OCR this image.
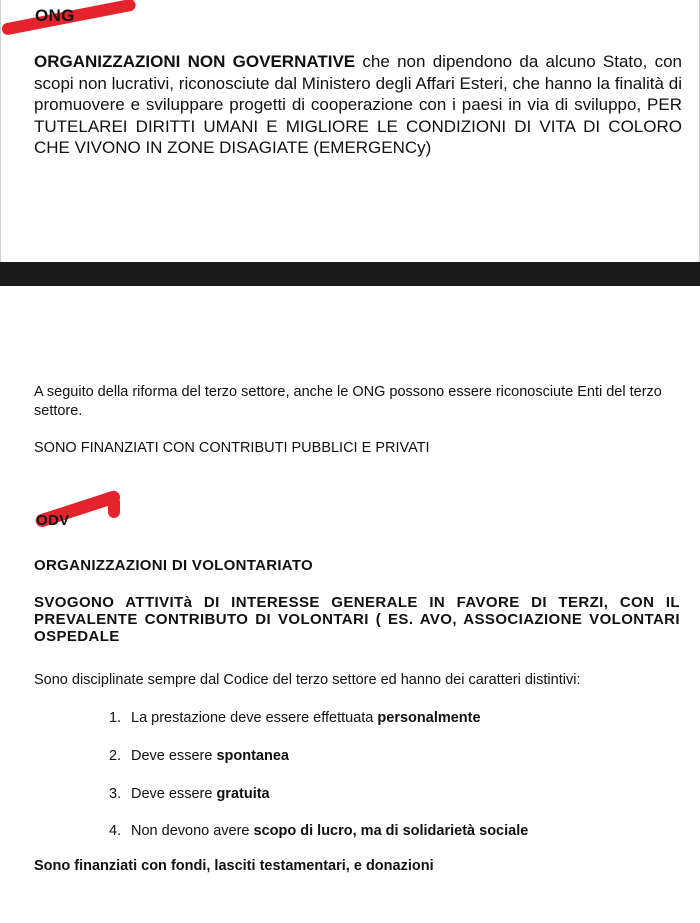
ONG
ORGANIZZAZIONI NON GOVERNATIVE che non dipendono da alcuno Stato, con scopi non lucrativi, riconosciute dal Ministero degli Affari Esteri, che hanno la finalità di promuovere e sviluppare progetti di cooperazione con i paesi in via di sviluppo, PER TUTELAREI DIRITTI UMANI E MIGLIORE LE CONDIZIONI DI VITA DI COLORO CHE VIVONO IN ZONE DISAGIATE (EMERGENCy)
A seguito della riforma del terzo settore, anche le ONG possono essere riconosciute Enti del terzo settore.
SONO FINANZIATI CON CONTRIBUTI PUBBLICI E PRIVATI
ODV
ORGANIZZAZIONI DI VOLONTARIATO
SVOGONO ATTIVITà DI INTERESSE GENERALE IN FAVORE DI TERZI, CON IL PREVALENTE CONTRIBUTO DI VOLONTARI ( ES. AVO, ASSOCIAZIONE VOLONTARI OSPEDALE
Sono disciplinate sempre dal Codice del terzo settore ed hanno dei caratteri distintivi:
1. La prestazione deve essere effettuata personalmente
2. Deve essere spontanea
3. Deve essere gratuita
4. Non devono avere scopo di lucro, ma di solidarietà sociale
Sono finanziati con fondi, lasciti testamentari, e donazioni
